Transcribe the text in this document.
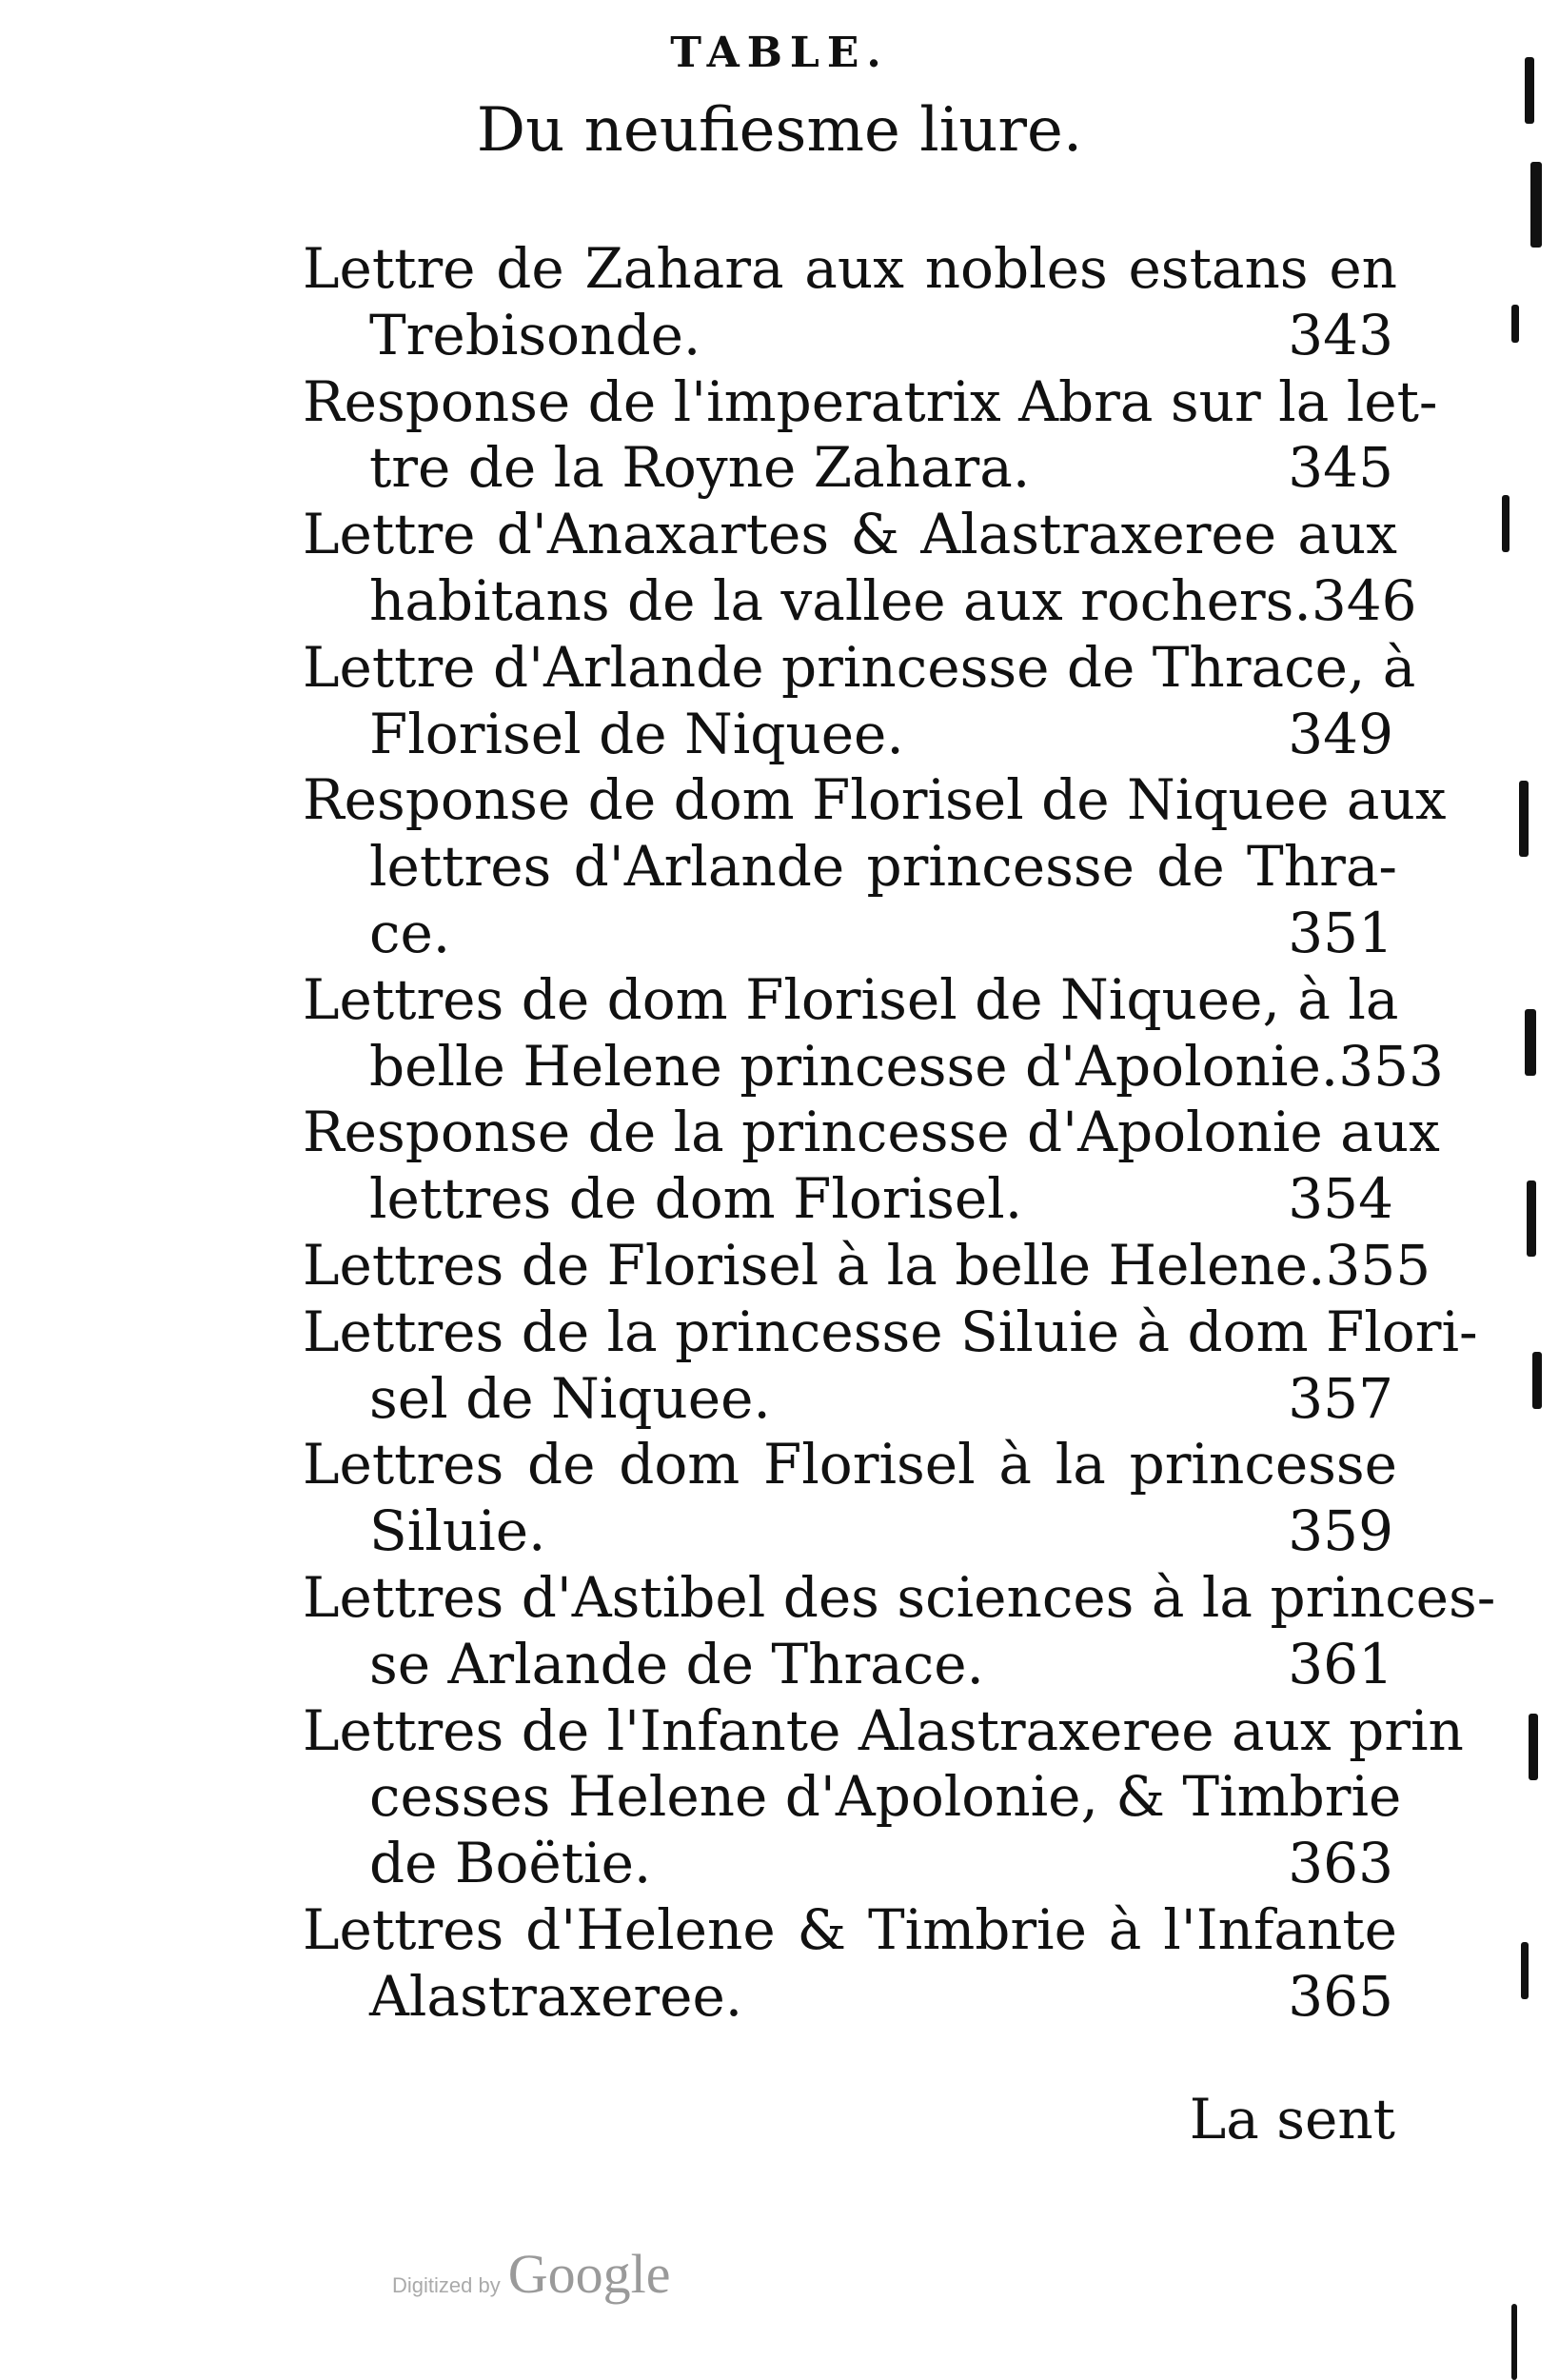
TABLE.
Du neufiesme liure.
Lettre de Zahara aux nobles estans en
Trebisonde.	343
Response de l'imperatrix Abra sur la let-
tre de la Royne Zahara.	345
Lettre d'Anaxartes & Alastraxeree aux
habitans de la vallee aux rochers. 346
Lettre d'Arlande princesse de Thrace, à
Florisel de Niquee.	349
Response de dom Florisel de Niquee aux
lettres d'Arlande princesse de Thra-
ce.	351
Lettres de dom Florisel de Niquee, à la
belle Helene princesse d'Apolonie. 353
Response de la princesse d'Apolonie aux
lettres de dom Florisel.	354
Lettres de Florisel à la belle Helene. 355
Lettres de la princesse Siluie à dom Flori-
sel de Niquee.	357
Lettres de dom Florisel à la princesse
Siluie.	359
Lettres d'Astibel des sciences à la princes-
se Arlande de Thrace.	361
Lettres de l'Infante Alastraxeree aux prin
cesses Helene d'Apolonie, & Timbrie
de Boëtie.	363
Lettres d'Helene & Timbrie à l'Infante
Alastraxeree.	365
La sent
Digitized by Google
